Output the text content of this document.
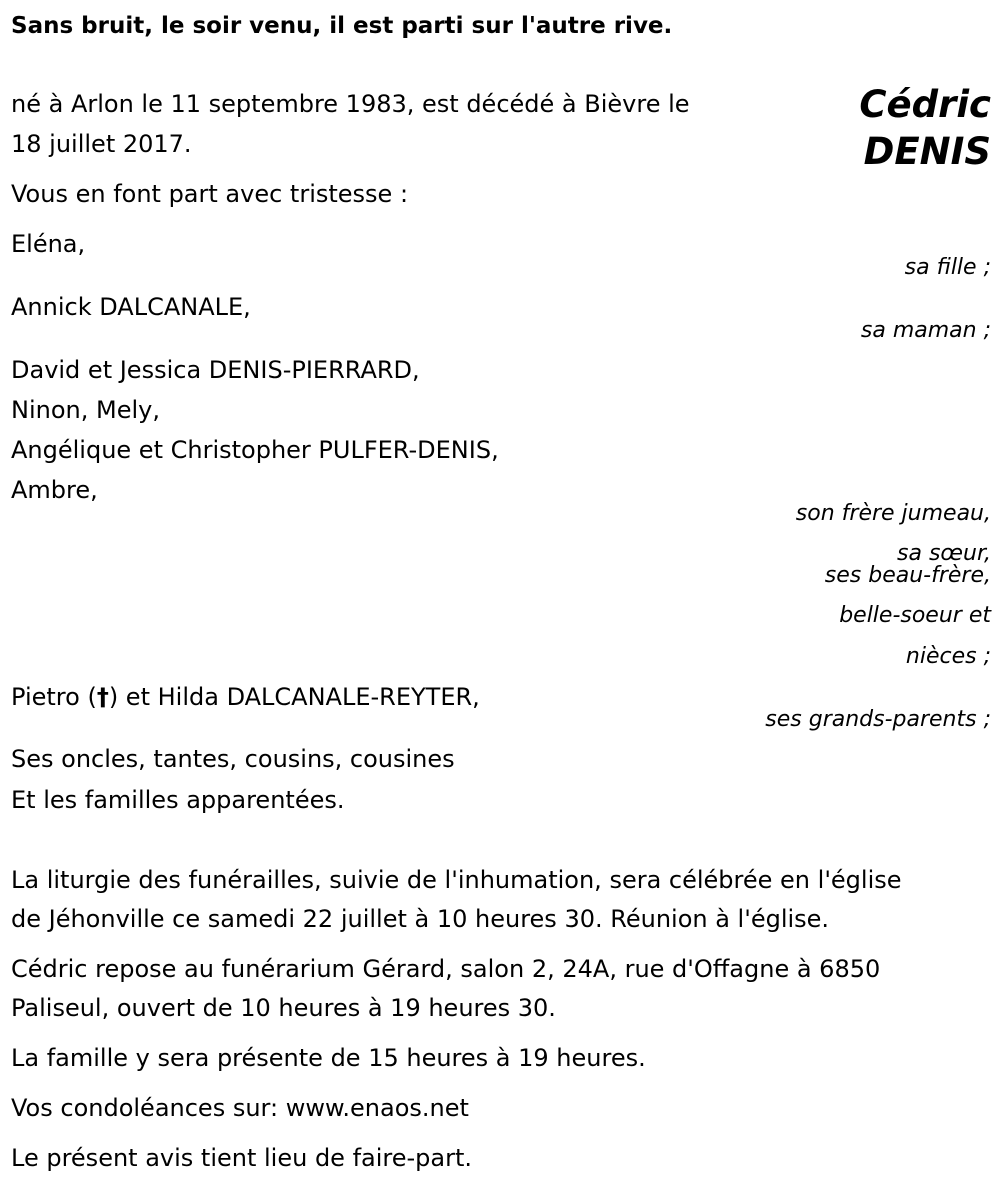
Sans bruit, le soir venu, il est parti sur l'autre rive.
Cédric
DENIS
né à Arlon le 11 septembre 1983, est décédé à Bièvre le
18 juillet 2017.
Vous en font part avec tristesse :
Eléna,
sa fille ;
Annick DALCANALE,
sa maman ;
David et Jessica DENIS-PIERRARD,
Ninon, Mely,
Angélique et Christopher PULFER-DENIS,
Ambre,
son frère jumeau,
sa sœur,
ses beau-frère,
belle-soeur et
nièces ;
Pietro (†) et Hilda DALCANALE-REYTER,
ses grands-parents ;
Ses oncles, tantes, cousins, cousines
Et les familles apparentées.
La liturgie des funérailles, suivie de l'inhumation, sera célébrée en l'église
de Jéhonville ce samedi 22 juillet à 10 heures 30. Réunion à l'église.
Cédric repose au funérarium Gérard, salon 2, 24A, rue d'Offagne à 6850
Paliseul, ouvert de 10 heures à 19 heures 30.
La famille y sera présente de 15 heures à 19 heures.
Vos condoléances sur: www.enaos.net
Le présent avis tient lieu de faire-part.
